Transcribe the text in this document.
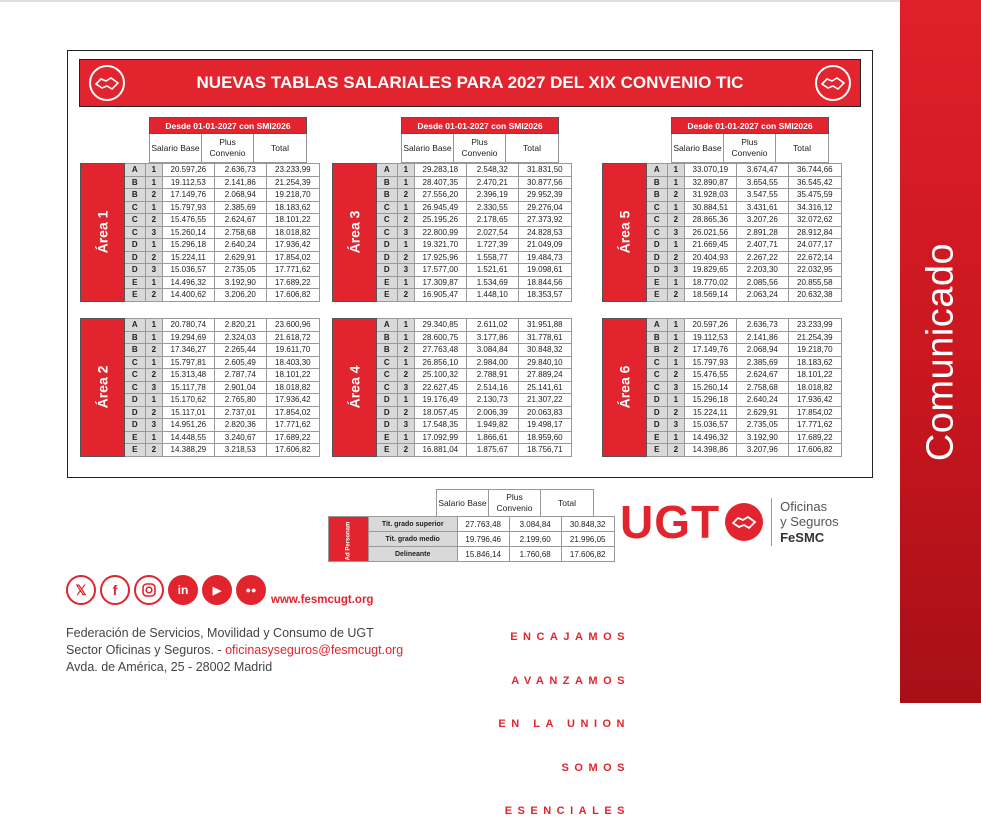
Comunicado
NUEVAS TABLAS SALARIALES PARA 2027 DEL XIX CONVENIO TIC
Desde 01-01-2027 con SMI2026
Salario Base	Plus Convenio	Total
Desde 01-01-2027 con SMI2026
Salario Base	Plus Convenio	Total
Desde 01-01-2027 con SMI2026
Salario Base	Plus Convenio	Total
Área 1	A	1	20.597,26	2.636,73	23.233,99
	B	1	19.112,53	2.141,86	21.254,39
	B	2	17.149,76	2.068,94	19.218,70
	C	1	15.797,93	2.385,69	18.183,62
	C	2	15.476,55	2.624,67	18.101,22
	C	3	15.260,14	2.758,68	18.018,82
	D	1	15.296,18	2.640,24	17.936,42
	D	2	15.224,11	2.629,91	17.854,02
	D	3	15.036,57	2.735,05	17.771,62
	E	1	14.496,32	3.192,90	17.689,22
	E	2	14.400,62	3.206,20	17.606,82
Área 3	A	1	29.283,18	2.548,32	31.831,50
	B	1	28.407,35	2.470,21	30.877,56
	B	2	27.556,20	2.396,19	29.952,39
	C	1	26.945,49	2.330,55	29.276,04
	C	2	25.195,26	2.178,65	27.373,92
	C	3	22.800,99	2.027,54	24.828,53
	D	1	19.321,70	1.727,39	21.049,09
	D	2	17.925,96	1.558,77	19.484,73
	D	3	17.577,00	1.521,61	19.098,61
	E	1	17.309,87	1.534,69	18.844,56
	E	2	16.905,47	1.448,10	18.353,57
Área 5	A	1	33.070,19	3.674,47	36.744,66
	B	1	32.890,87	3.654,55	36.545,42
	B	2	31.928,03	3.547,55	35.475,59
	C	1	30.884,51	3.431,61	34.316,12
	C	2	28.865,36	3.207,26	32.072,62
	C	3	26.021,56	2.891,28	28.912,84
	D	1	21.669,45	2.407,71	24.077,17
	D	2	20.404,93	2.267,22	22.672,14
	D	3	19.829,65	2.203,30	22.032,95
	E	1	18.770,02	2.085,56	20.855,58
	E	2	18.569,14	2.063,24	20.632,38
Área 2	A	1	20.780,74	2.820,21	23.600,96
	B	1	19.294,69	2.324,03	21.618,72
	B	2	17.346,27	2.265,44	19.611,70
	C	1	15.797,81	2.605,49	18.403,30
	C	2	15.313,48	2.787,74	18.101,22
	C	3	15.117,78	2.901,04	18.018,82
	D	1	15.170,62	2.765,80	17.936,42
	D	2	15.117,01	2.737,01	17.854,02
	D	3	14.951,26	2.820,36	17.771,62
	E	1	14.448,55	3.240,67	17.689,22
	E	2	14.388,29	3.218,53	17.606,82
Área 4	A	1	29.340,85	2.611,02	31.951,88
	B	1	28.600,75	3.177,86	31.778,61
	B	2	27.763,48	3.084,84	30.848,32
	C	1	26.856,10	2.984,00	29.840,10
	C	2	25.100,32	2.788,91	27.889,24
	C	3	22.627,45	2.514,16	25.141,61
	D	1	19.176,49	2.130,73	21.307,22
	D	2	18.057,45	2.006,39	20.063,83
	D	3	17.548,35	1.949,82	19.498,17
	E	1	17.092,99	1.866,61	18.959,60
	E	2	16.881,04	1.875,67	18.756,71
Área 6	A	1	20.597,26	2.636,73	23.233,99
	B	1	19.112,53	2.141,86	21.254,39
	B	2	17.149,76	2.068,94	19.218,70
	C	1	15.797,93	2.385,69	18.183,62
	C	2	15.476,55	2.624,67	18.101,22
	C	3	15.260,14	2.758,68	18.018,82
	D	1	15.296,18	2.640,24	17.936,42
	D	2	15.224,11	2.629,91	17.854,02
	D	3	15.036,57	2.735,05	17.771,62
	E	1	14.496,32	3.192,90	17.689,22
	E	2	14.398,86	3.207,96	17.606,82
Salario Base	Plus Convenio	Total
Ad Personam	Tit. grado superior	27.763,48	3.084,84	30.848,32
	Tit. grado medio	19.796,46	2.199,60	21.996,05
	Delineante	15.846,14	1.760,68	17.606,82
UGT	Oficinas
y Seguros
FeSMC
𝕏	f	in	▶	●●
www.fesmcugt.org
Federación de Servicios, Movilidad y Consumo de UGT
Sector Oficinas y Seguros. - oficinasyseguros@fesmcugt.org
Avda. de América, 25 - 28002 Madrid

ENCAJAMOS

AVANZAMOS

EN LA UNION

SOMOS

ESENCIALES
